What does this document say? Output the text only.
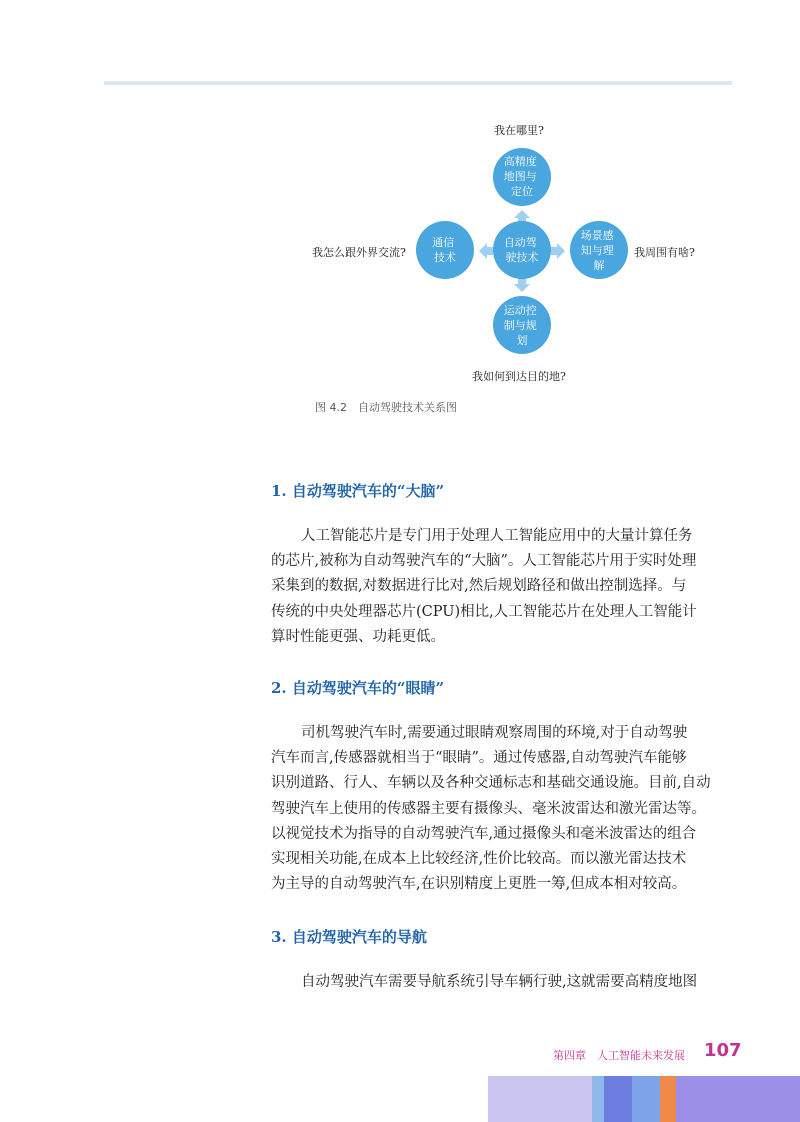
高精度 地图与 定位
自动驾 驶技术
通信 技术
场景感 知与理 解
运动控 制与规 划
我在哪里?
我怎么跟外界交流?	我周围有啥?
我如何到达目的地?
图 4.2　自动驾驶技术关系图
1. 自动驾驶汽车的“大脑”
人工智能芯片是专门用于处理人工智能应用中的大量计算任务
的芯片,被称为自动驾驶汽车的“大脑”。人工智能芯片用于实时处理
采集到的数据,对数据进行比对,然后规划路径和做出控制选择。与
传统的中央处理器芯片(CPU)相比,人工智能芯片在处理人工智能计
算时性能更强、功耗更低。
2. 自动驾驶汽车的“眼睛”
司机驾驶汽车时,需要通过眼睛观察周围的环境,对于自动驾驶
汽车而言,传感器就相当于“眼睛”。通过传感器,自动驾驶汽车能够
识别道路、行人、车辆以及各种交通标志和基础交通设施。目前,自动
驾驶汽车上使用的传感器主要有摄像头、毫米波雷达和激光雷达等。
以视觉技术为指导的自动驾驶汽车,通过摄像头和毫米波雷达的组合
实现相关功能,在成本上比较经济,性价比较高。而以激光雷达技术
为主导的自动驾驶汽车,在识别精度上更胜一筹,但成本相对较高。
3. 自动驾驶汽车的导航
自动驾驶汽车需要导航系统引导车辆行驶,这就需要高精度地图
第四章　人工智能未来发展 107
